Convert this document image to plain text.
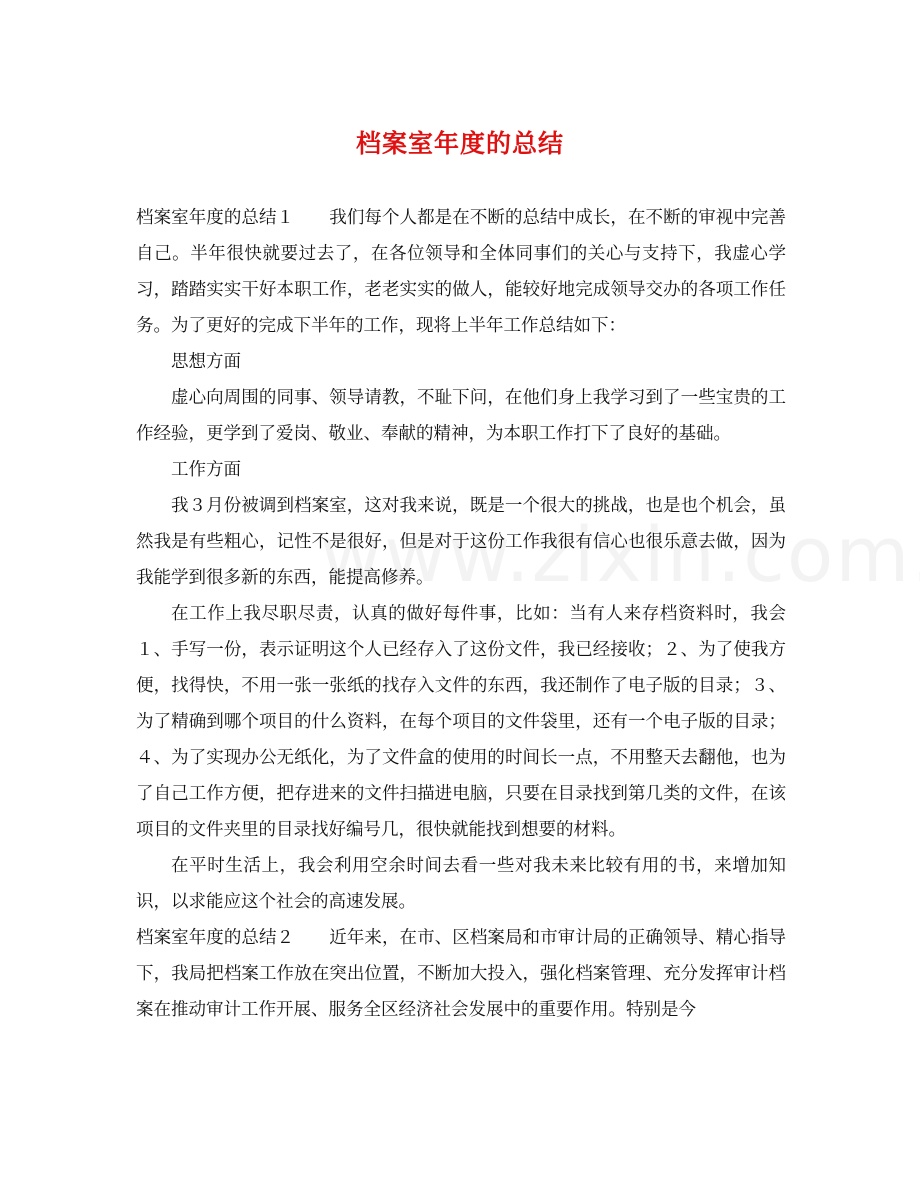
档案室年度的总结

档案室年度的总结１　　我们每个人都是在不断的总结中成长，在不断的审视中完善自己。半年很快就要过去了，在各位领导和全体同事们的关心与支持下，我虚心学习，踏踏实实干好本职工作，老老实实的做人，能较好地完成领导交办的各项工作任务。为了更好的完成下半年的工作，现将上半年工作总结如下：

思想方面

虚心向周围的同事、领导请教，不耻下问，在他们身上我学习到了一些宝贵的工作经验，更学到了爱岗、敬业、奉献的精神，为本职工作打下了良好的基础。

工作方面

我３月份被调到档案室，这对我来说，既是一个很大的挑战，也是也个机会，虽然我是有些粗心，记性不是很好，但是对于这份工作我很有信心也很乐意去做，因为我能学到很多新的东西，能提高修养。

在工作上我尽职尽责，认真的做好每件事，比如：当有人来存档资料时，我会１、手写一份，表示证明这个人已经存入了这份文件，我已经接收；２、为了使我方便，找得快，不用一张一张纸的找存入文件的东西，我还制作了电子版的目录；３、为了精确到哪个项目的什么资料，在每个项目的文件袋里，还有一个电子版的目录；４、为了实现办公无纸化，为了文件盒的使用的时间长一点，不用整天去翻他，也为了自己工作方便，把存进来的文件扫描进电脑，只要在目录找到第几类的文件，在该项目的文件夹里的目录找好编号几，很快就能找到想要的材料。

在平时生活上，我会利用空余时间去看一些对我未来比较有用的书，来增加知识，以求能应这个社会的高速发展。

档案室年度的总结２　　近年来，在市、区档案局和市审计局的正确领导、精心指导下，我局把档案工作放在突出位置，不断加大投入，强化档案管理、充分发挥审计档案在推动审计工作开展、服务全区经济社会发展中的重要作用。特别是今
